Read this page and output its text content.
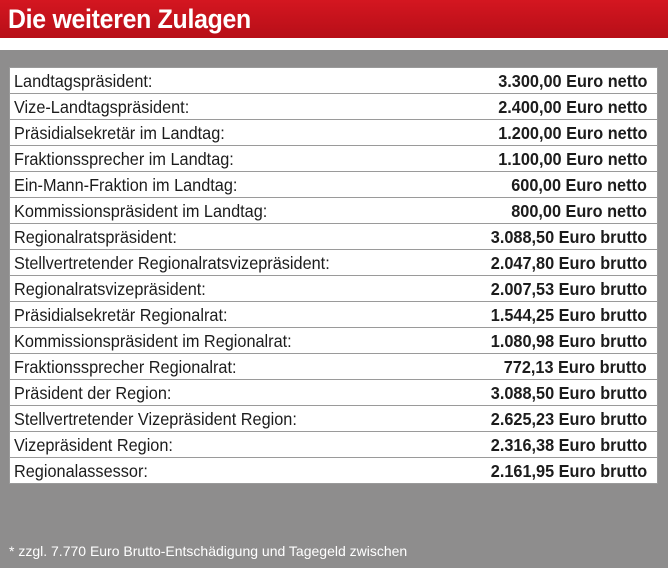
Die weiteren Zulagen
Landtagspräsident:	3.300,00 Euro netto
Vize-Landtagspräsident:	2.400,00 Euro netto
Präsidialsekretär im Landtag:	1.200,00 Euro netto
Fraktionssprecher im Landtag:	1.100,00 Euro netto
Ein-Mann-Fraktion im Landtag:	600,00 Euro netto
Kommissionspräsident im Landtag:	800,00 Euro netto
Regionalratspräsident:	3.088,50 Euro brutto
Stellvertretender Regionalratsvizepräsident:	2.047,80 Euro brutto
Regionalratsvizepräsident:	2.007,53 Euro brutto
Präsidialsekretär Regionalrat:	1.544,25 Euro brutto
Kommissionspräsident im Regionalrat:	1.080,98 Euro brutto
Fraktionssprecher Regionalrat:	772,13 Euro brutto
Präsident der Region:	3.088,50 Euro brutto
Stellvertretender Vizepräsident Region:	2.625,23 Euro brutto
Vizepräsident Region:	2.316,38 Euro brutto
Regionalassessor:	2.161,95 Euro brutto
* zzgl. 7.770 Euro Brutto-Entschädigung und Tagegeld zwischen
